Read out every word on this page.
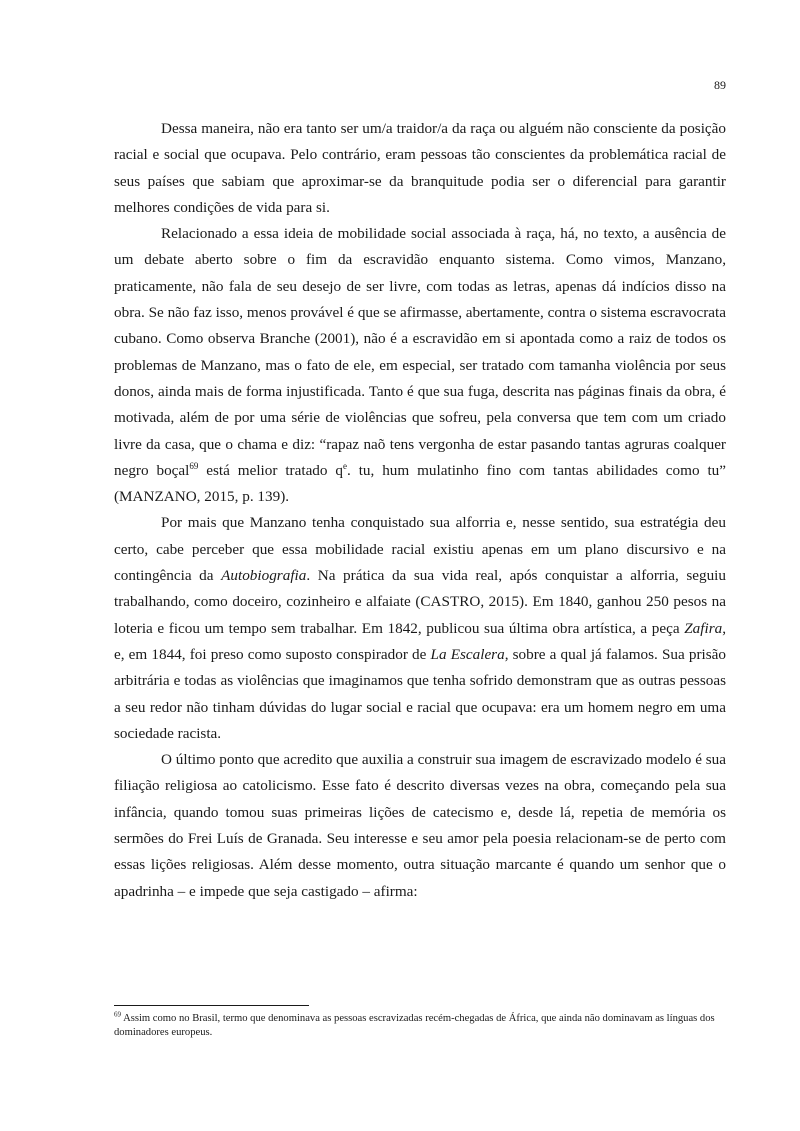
89

Dessa maneira, não era tanto ser um/a traidor/a da raça ou alguém não consciente da posição racial e social que ocupava. Pelo contrário, eram pessoas tão conscientes da problemática racial de seus países que sabiam que aproximar-se da branquitude podia ser o diferencial para garantir melhores condições de vida para si.

Relacionado a essa ideia de mobilidade social associada à raça, há, no texto, a ausência de um debate aberto sobre o fim da escravidão enquanto sistema. Como vimos, Manzano, praticamente, não fala de seu desejo de ser livre, com todas as letras, apenas dá indícios disso na obra. Se não faz isso, menos provável é que se afirmasse, abertamente, contra o sistema escravocrata cubano. Como observa Branche (2001), não é a escravidão em si apontada como a raiz de todos os problemas de Manzano, mas o fato de ele, em especial, ser tratado com tamanha violência por seus donos, ainda mais de forma injustificada. Tanto é que sua fuga, descrita nas páginas finais da obra, é motivada, além de por uma série de violências que sofreu, pela conversa que tem com um criado livre da casa, que o chama e diz: “rapaz naõ tens vergonha de estar pasando tantas agruras coalquer negro boçal$^{69}$ está melior tratado $q^e$. tu, hum mulatinho fino com tantas abilidades como tu” (MANZANO, 2015, p. 139).

Por mais que Manzano tenha conquistado sua alforria e, nesse sentido, sua estratégia deu certo, cabe perceber que essa mobilidade racial existiu apenas em um plano discursivo e na contingência da Autobiografia. Na prática da sua vida real, após conquistar a alforria, seguiu trabalhando, como doceiro, cozinheiro e alfaiate (CASTRO, 2015). Em 1840, ganhou 250 pesos na loteria e ficou um tempo sem trabalhar. Em 1842, publicou sua última obra artística, a peça Zafira, e, em 1844, foi preso como suposto conspirador de La Escalera, sobre a qual já falamos. Sua prisão arbitrária e todas as violências que imaginamos que tenha sofrido demonstram que as outras pessoas a seu redor não tinham dúvidas do lugar social e racial que ocupava: era um homem negro em uma sociedade racista.

O último ponto que acredito que auxilia a construir sua imagem de escravizado modelo é sua filiação religiosa ao catolicismo. Esse fato é descrito diversas vezes na obra, começando pela sua infância, quando tomou suas primeiras lições de catecismo e, desde lá, repetia de memória os sermões do Frei Luís de Granada. Seu interesse e seu amor pela poesia relacionam-se de perto com essas lições religiosas. Além desse momento, outra situação marcante é quando um senhor que o apadrinha – e impede que seja castigado – afirma:

$^{69}$ Assim como no Brasil, termo que denominava as pessoas escravizadas recém-chegadas de África, que ainda não dominavam as línguas dos dominadores europeus.
